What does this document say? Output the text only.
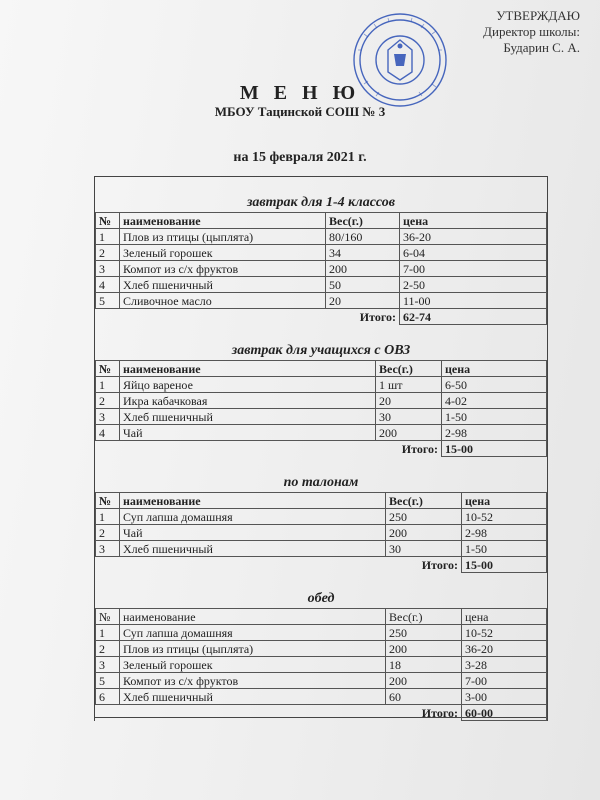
УТВЕРЖДАЮ
Директор школы:
Бударин С. А.
М Е Н Ю
МБОУ Тацинской СОШ № 3
на 15 февраля 2021 г.
завтрак для 1-4 классов
№	наименование	Вес(г.)	цена
1	Плов из птицы (цыплята)	80/160	36-20
2	Зеленый горошек	34	6-04
3	Компот из с/х фруктов	200	7-00
4	Хлеб пшеничный	50	2-50
5	Сливочное масло	20	11-00
Итого:			62-74
завтрак для учащихся с ОВЗ
№	наименование	Вес(г.)	цена
1	Яйцо вареное	1 шт	6-50
2	Икра кабачковая	20	4-02
3	Хлеб пшеничный	30	1-50
4	Чай	200	2-98
Итого:			15-00
по талонам
№	наименование	Вес(г.)	цена
1	Суп лапша домашняя	250	10-52
2	Чай	200	2-98
3	Хлеб пшеничный	30	1-50
Итого:			15-00
обед
№	наименование	Вес(г.)	цена
1	Суп лапша домашняя	250	10-52
2	Плов из птицы (цыплята)	200	36-20
3	Зеленый горошек	18	3-28
5	Компот из с/х фруктов	200	7-00
6	Хлеб пшеничный	60	3-00
Итого:			60-00
